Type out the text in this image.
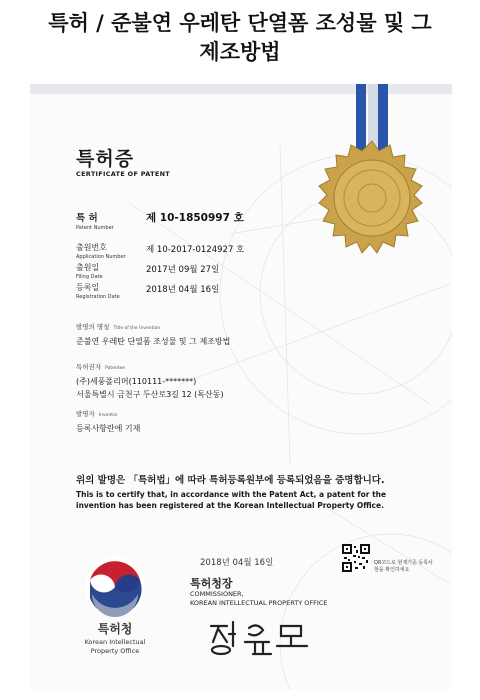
특허 / 준불연 우레탄 단열폼 조성물 및 그
제조방법
특허증
CERTIFICATE OF PATENT
특 허
Patent Number
제 10-1850997 호
출원번호
Application Number
제 10-2017-0124927 호
출원일
Filing Date
2017년 09월 27일
등록일
Registration Date
2018년 04월 16일
발명의 명칭 Title of the Invention
준불연 우레탄 단열폼 조성물 및 그 제조방법
특허권자 Patentee
(주)세풍폴리머(110111-*******)
서울특별시 금천구 두산로3길 12 (독산동)
발명자 Inventor
등록사항란에 기재
위의 발명은 「특허법」에 따라 특허등록원부에 등록되었음을 증명합니다.
This is to certify that, in accordance with the Patent Act, a patent for the invention has been registered at the Korean Intellectual Property Office.
2018년 04월 16일	QR코드로 현재기준 등록사항을 확인하세요
특허청
Korean Intellectual
Property Office
특허청장
COMMISSIONER,
KOREAN INTELLECTUAL PROPERTY OFFICE
